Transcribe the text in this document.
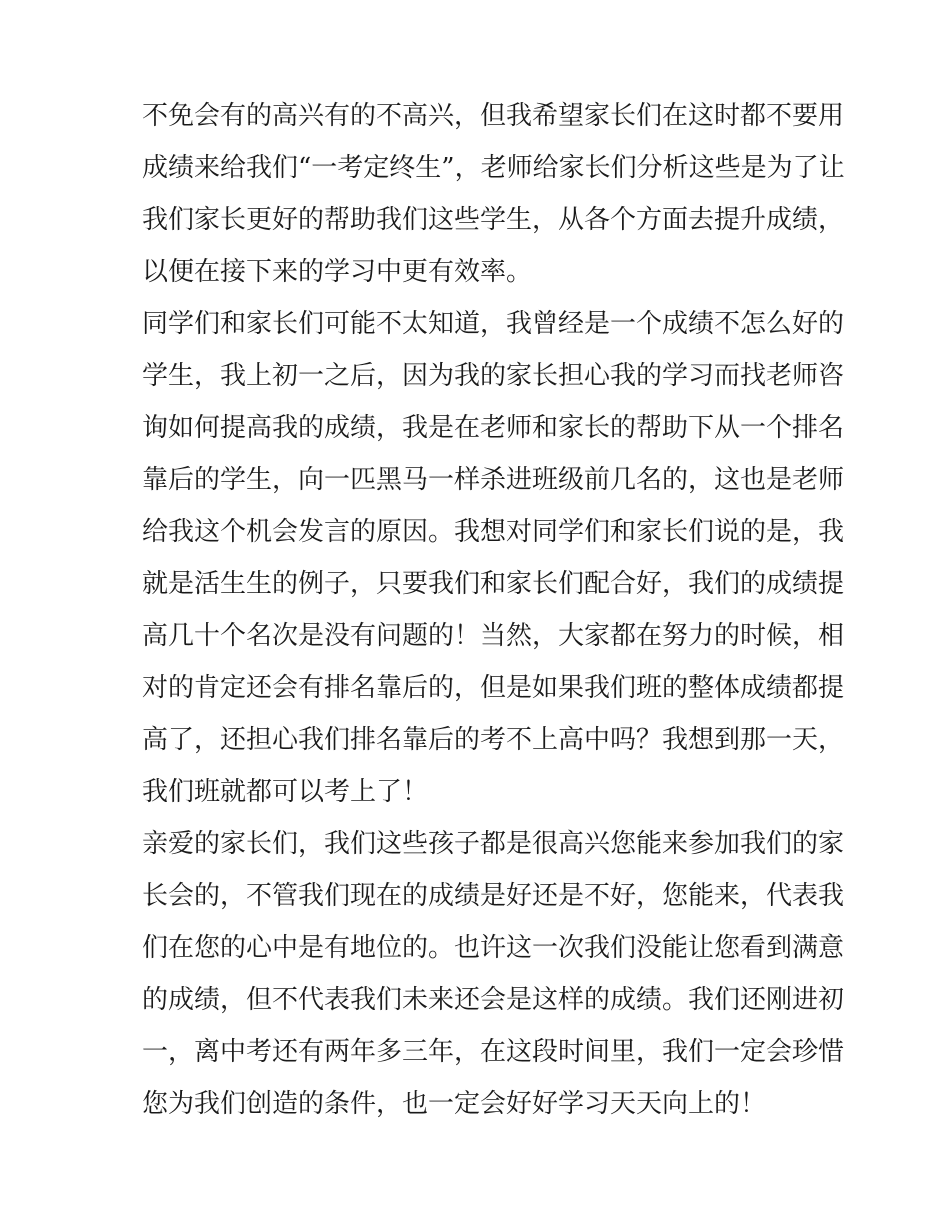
不免会有的高兴有的不高兴，但我希望家长们在这时都不要用
成绩来给我们“一考定终生”，老师给家长们分析这些是为了让
我们家长更好的帮助我们这些学生，从各个方面去提升成绩，
以便在接下来的学习中更有效率。
同学们和家长们可能不太知道，我曾经是一个成绩不怎么好的
学生，我上初一之后，因为我的家长担心我的学习而找老师咨
询如何提高我的成绩，我是在老师和家长的帮助下从一个排名
靠后的学生，向一匹黑马一样杀进班级前几名的，这也是老师
给我这个机会发言的原因。我想对同学们和家长们说的是，我
就是活生生的例子，只要我们和家长们配合好，我们的成绩提
高几十个名次是没有问题的！当然，大家都在努力的时候，相
对的肯定还会有排名靠后的，但是如果我们班的整体成绩都提
高了，还担心我们排名靠后的考不上高中吗？我想到那一天，
我们班就都可以考上了！
亲爱的家长们，我们这些孩子都是很高兴您能来参加我们的家
长会的，不管我们现在的成绩是好还是不好，您能来，代表我
们在您的心中是有地位的。也许这一次我们没能让您看到满意
的成绩，但不代表我们未来还会是这样的成绩。我们还刚进初
一，离中考还有两年多三年，在这段时间里，我们一定会珍惜
您为我们创造的条件，也一定会好好学习天天向上的！
